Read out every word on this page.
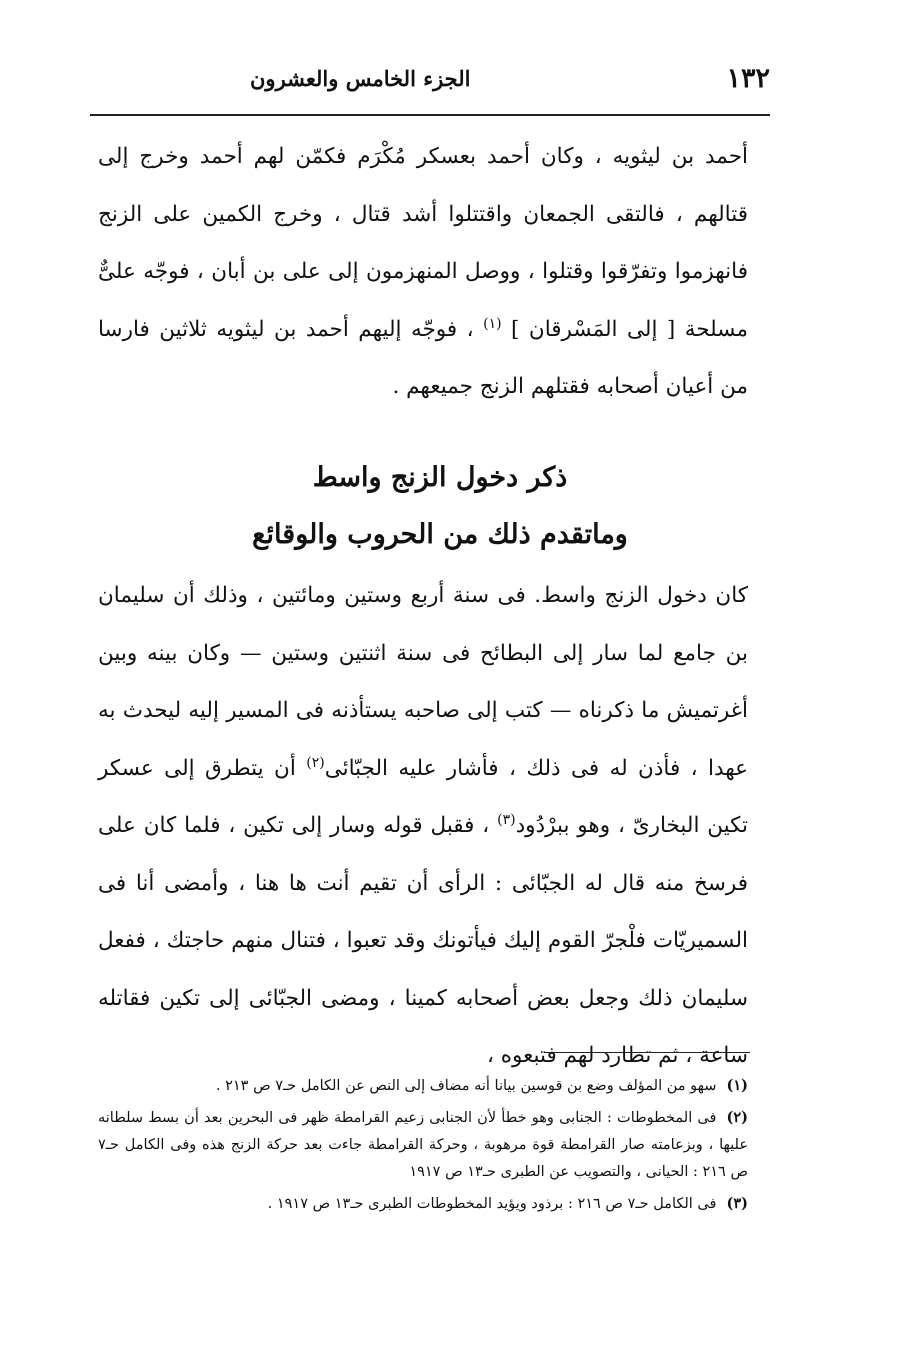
١٣٢
الجزء الخامس والعشرون

أحمد بن ليثويه ، وكان أحمد بعسكر مُكْرَم فكمّن لهم أحمد وخرج إلى قتالهم ، فالتقى الجمعان واقتتلوا أشد قتال ، وخرج الكمين على الزنج فانهزموا وتفرّقوا وقتلوا ، ووصل المنهزمون إلى على بن أبان ، فوجّه علىٌّ مسلحة [ إلى المَسْرقان ] $^{(١)}$ ، فوجّه إليهم أحمد بن ليثويه ثلاثين فارسا من أعيان أصحابه فقتلهم الزنج جميعهم .

ذكر دخول الزنج واسط
وماتقدم ذلك من الحروب والوقائع

كان دخول الزنج واسط. فى سنة أربع وستين ومائتين ، وذلك أن سليمان بن جامع لما سار إلى البطائح فى سنة اثنتين وستين — وكان بينه وبين أغرتميش ما ذكرناه — كتب إلى صاحبه يستأذنه فى المسير إليه ليحدث به عهدا ، فأذن له فى ذلك ، فأشار عليه الجبّائى$^{(٢)}$ أن يتطرق إلى عسكر تكين البخارىّ ، وهو ببرْدُود$^{(٣)}$ ، فقبل قوله وسار إلى تكين ، فلما كان على فرسخ منه قال له الجبّائى : الرأى أن تقيم أنت ها هنا ، وأمضى أنا فى السميريّات فلْجرّ القوم إليك فيأتونك وقد تعبوا ، فتنال منهم حاجتك ، ففعل سليمان ذلك وجعل بعض أصحابه كمينا ، ومضى الجبّائى إلى تكين فقاتله ساعة ، ثم تطارد لهم فتبعوه ،

(١)سهو من المؤلف وضع بن قوسين بيانا أنه مضاف إلى النص عن الكامل حـ٧ ص ٢١٣ .

(٢)فى المخطوطات : الجنابى وهو خطأ لأن الجنابى زعيم القرامطة ظهر فى البحرين بعد أن بسط سلطانه عليها ، وبزعامته صار القرامطة قوة مرهوبة ، وحركة القرامطة جاءت بعد حركة الزنج هذه وفى الكامل حـ٧ ص ٢١٦ : الحيانى ، والتصويب عن الطبرى حـ١٣ ص ١٩١٧

(٣)فى الكامل حـ٧ ص ٢١٦ : برذود ويؤيد المخطوطات الطبرى حـ١٣ ص ١٩١٧ .
